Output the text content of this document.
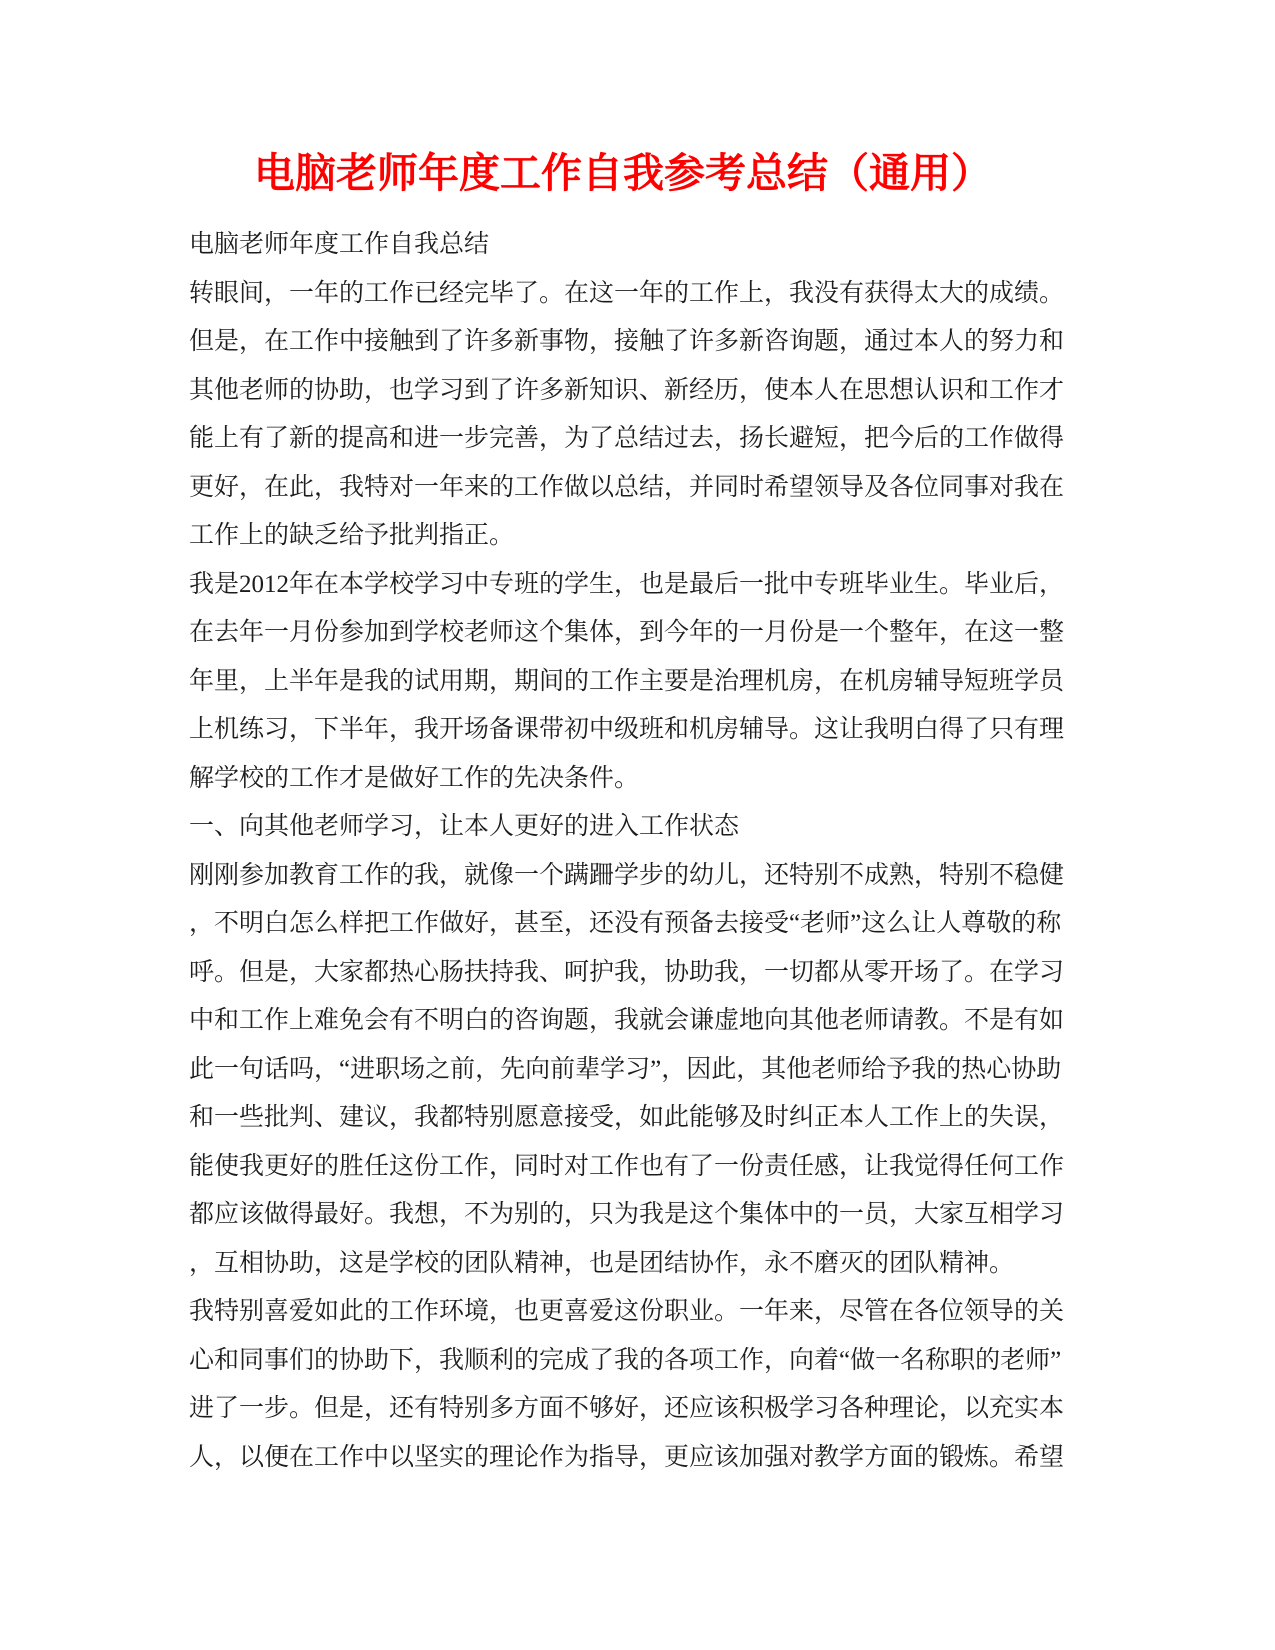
电脑老师年度工作自我参考总结（通用）
电脑老师年度工作自我总结
转眼间，一年的工作已经完毕了。在这一年的工作上，我没有获得太大的成绩。
但是，在工作中接触到了许多新事物，接触了许多新咨询题，通过本人的努力和
其他老师的协助，也学习到了许多新知识、新经历，使本人在思想认识和工作才
能上有了新的提高和进一步完善，为了总结过去，扬长避短，把今后的工作做得
更好，在此，我特对一年来的工作做以总结，并同时希望领导及各位同事对我在
工作上的缺乏给予批判指正。
我是2012年在本学校学习中专班的学生，也是最后一批中专班毕业生。毕业后，
在去年一月份参加到学校老师这个集体，到今年的一月份是一个整年，在这一整
年里，上半年是我的试用期，期间的工作主要是治理机房，在机房辅导短班学员
上机练习，下半年，我开场备课带初中级班和机房辅导。这让我明白得了只有理
解学校的工作才是做好工作的先决条件。
一、向其他老师学习，让本人更好的进入工作状态
刚刚参加教育工作的我，就像一个蹒跚学步的幼儿，还特别不成熟，特别不稳健
，不明白怎么样把工作做好，甚至，还没有预备去接受“老师”这么让人尊敬的称
呼。但是，大家都热心肠扶持我、呵护我，协助我，一切都从零开场了。在学习
中和工作上难免会有不明白的咨询题，我就会谦虚地向其他老师请教。不是有如
此一句话吗，“进职场之前，先向前辈学习”，因此，其他老师给予我的热心协助
和一些批判、建议，我都特别愿意接受，如此能够及时纠正本人工作上的失误，
能使我更好的胜任这份工作，同时对工作也有了一份责任感，让我觉得任何工作
都应该做得最好。我想，不为别的，只为我是这个集体中的一员，大家互相学习
，互相协助，这是学校的团队精神，也是团结协作，永不磨灭的团队精神。
我特别喜爱如此的工作环境，也更喜爱这份职业。一年来，尽管在各位领导的关
心和同事们的协助下，我顺利的完成了我的各项工作，向着“做一名称职的老师”
进了一步。但是，还有特别多方面不够好，还应该积极学习各种理论，以充实本
人，以便在工作中以坚实的理论作为指导，更应该加强对教学方面的锻炼。希望
